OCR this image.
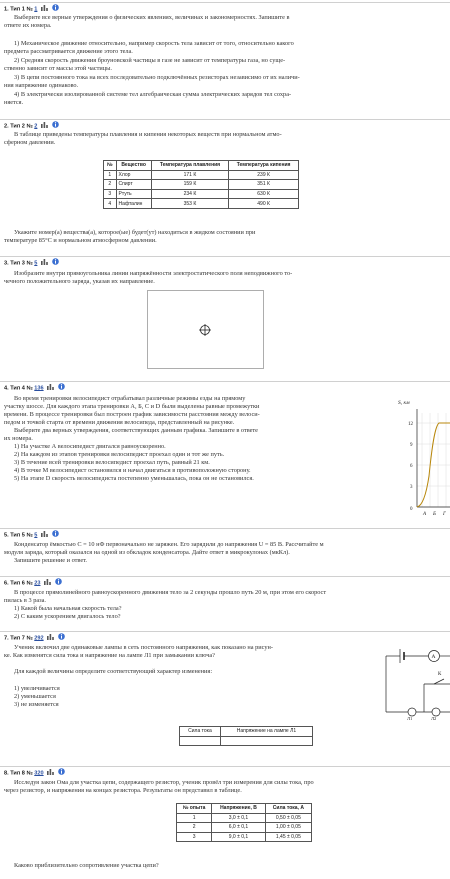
1. Тип 1 № 1
Выберите все верные утверждения о физических явлениях, величинах и закономерностях. Запишите в
ответе их номера.
1) Механическое движение относительно, например скорость тела зависит от того, относительно какого
предмета рассматривается движение этого тела.
2) Средняя скорость движения броуновской частицы в газе не зависит от температуры газа, но суще-
ственно зависит от массы этой частицы.
3) В цепи постоянного тока на всех последовательно подключённых резисторах независимо от их наличи-
ния напряжение одинаково.
4) В электрически изолированной системе тел алгебраическая сумма электрических зарядов тел сохра-
няется.
2. Тип 2 № 2
В таблице приведены температуры плавления и кипения некоторых веществ при нормальном атмо-
сферном давлении.
№	Вещество	Температура плавления	Температура кипения
1	Хлор	171 К	239 К
2	Спирт	159 К	351 К
3	Ртуть	234 К	630 К
4	Нафталин	353 К	490 К
Укажите номер(а) вещества(а), которое(ые) будет(ут) находиться в жидком состоянии при
температуре 85°С и нормальном атмосферном давлении.
3. Тип 3 № 5
Изобразите внутри прямоугольника линии напряжённости электростатического поля неподвижного то-
чечного положительного заряда, указав их направление.
4. Тип 4 № 136
Во время тренировки велосипедист отрабатывал различные режимы езды на прямому
участку шоссе. Для каждого этапа тренировки А, Б, С и D были выделены равные промежутки
времени. В процессе тренировки был построен график зависимости расстояния между велоси-
педом и точкой старта от времени движения велосипеда, представленный на рисунке.
Выберите два верных утверждения, соответствующих данным графика. Запишите в ответе
их номера.
1) На участке А велосипедист двигался равноускоренно.
2) На каждом из этапов тренировки велосипедист проехал один и тот же путь.
3) В течение всей тренировки велосипедист проехал путь, равный 21 км.
4) В точке М велосипедист остановился и начал двигаться в противоположную сторону.
5) На этапе D скорость велосипедиста постепенно уменьшалась, пока он не остановился.
S, км
12
9
6
3
0
А Б Г
5. Тип 5 № 5
Конденсатор ёмкостью С = 10 нФ первоначально не заряжен. Его зарядили до напряжения U = 85 В. Рассчитайте м
модуля заряда, который оказался на одной из обкладок конденсатора. Дайте ответ в микрокулонах (мкКл).
Запишите решение и ответ.
6. Тип 6 № 23
В процессе прямолинейного равноускоренного движения тело за 2 секунды прошло путь 20 м, при этом его скорост
пилась в 3 раза.
1) Какой была начальная скорость тела?
2) С каким ускорением двигалось тело?
7. Тип 7 № 292
Ученик включил две одинаковые лампы в сеть постоянного напряжения, как показано на рисун-
ке. Как изменятся сила тока и напряжение на лампе Л1 при замыкании ключа?
Для каждой величины определите соответствующий характер изменения:
1) увеличивается
2) уменьшается
3) не изменяется
Сила тока	Напряжение на лампе Л1

A
К
Л1	Л2
8. Тип 8 № 320
Исследуя закон Ома для участка цепи, содержащего резистор, ученик провёл три измерения для силы тока, про
через резистор, и напряжения на концах резистора. Результаты он представил в таблице.
№ опыта	Напряжение, В	Сила тока, А
1	3,0 ± 0,1	0,50 ± 0,05
2	6,0 ± 0,1	1,00 ± 0,05
3	9,0 ± 0,1	1,45 ± 0,05
Каково приблизительно сопротивление участка цепи?
